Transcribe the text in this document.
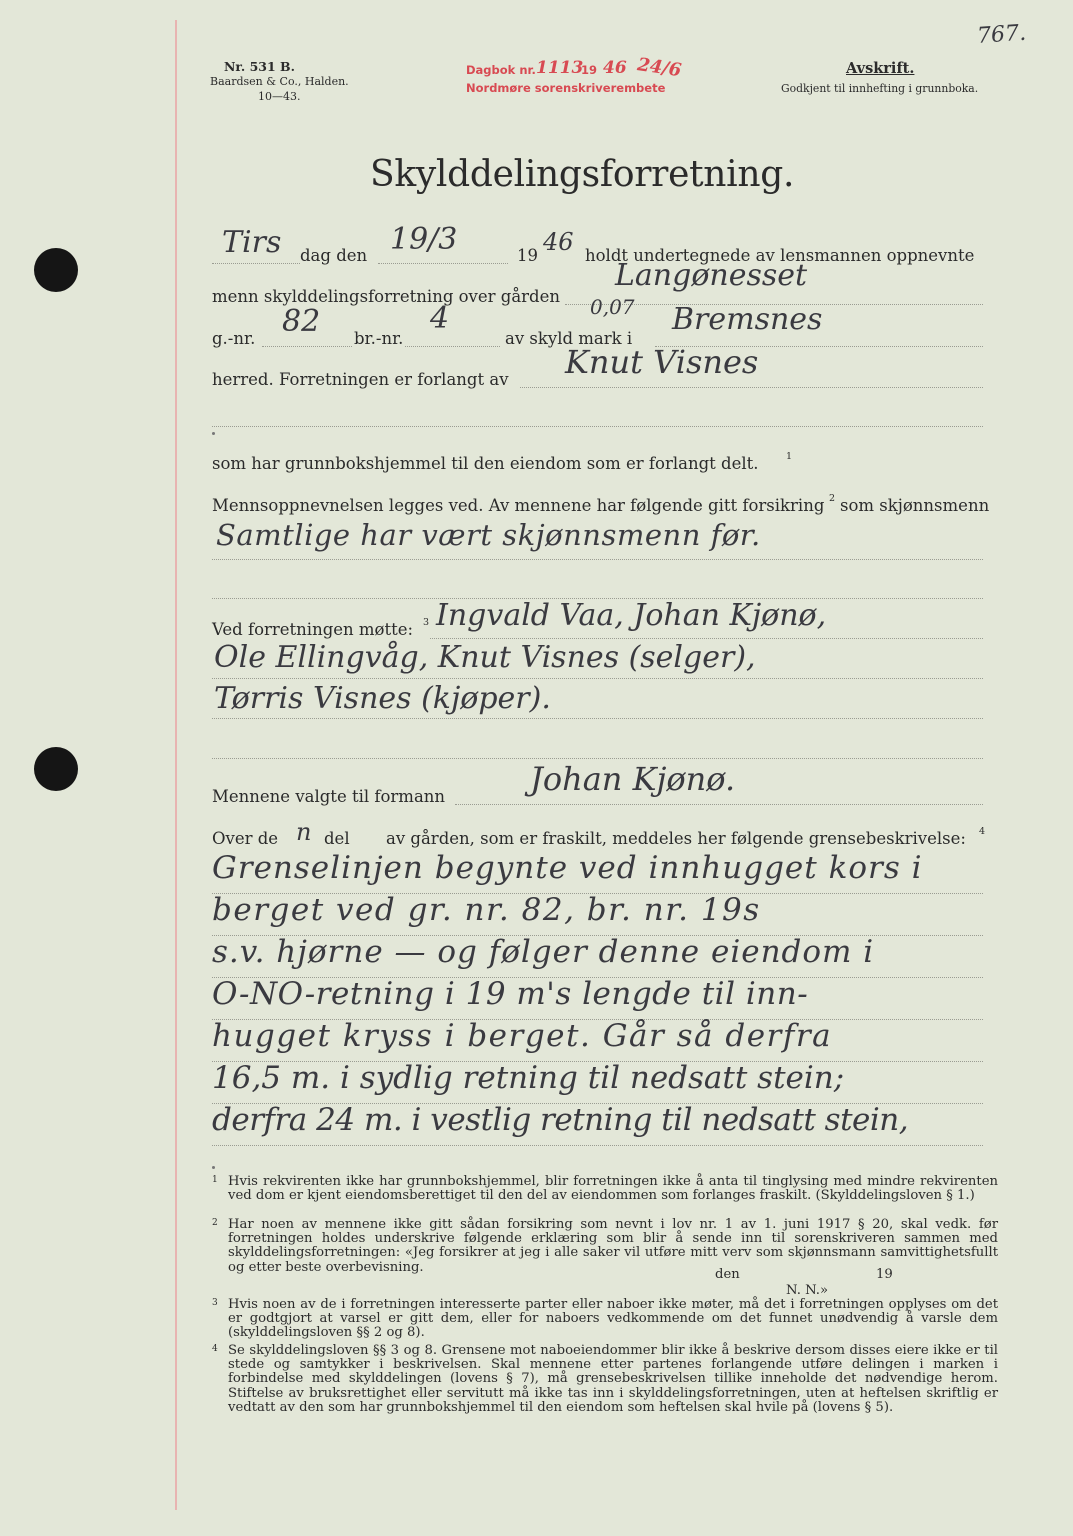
Nr. 531 B.
Baardsen & Co., Halden.
10—43.
Dagbok nr. 1113
19 46 24/6
Nordmøre sorenskriverembete
Avskrift.
Godkjent til innhefting i grunnboka.
767.
Skylddelingsforretning.
Tirs dag den 19/3	19 46 holdt undertegnede av lensmannen oppnevnte
menn skylddelingsforretning over gården
Langønesset
g.-nr. 82 br.-nr.
4
av skyld mark i
0,07 Bremsnes
herred. Forretningen er forlangt av Knut Visnes
som har grunnbokshjemmel til den eiendom som er forlangt delt.	1
Mennsoppnevnelsen legges ved. Av mennene har følgende gitt forsikring 2 som skjønnsmenn
Samtlige har vært skjønnsmenn før.
Ved forretningen møtte: 3 Ingvald Vaa, Johan Kjønø,
Ole Ellingvåg, Knut Visnes (selger),
Tørris Visnes (kjøper).
Mennene valgte til formann	Johan Kjønø.
Over de n del av gården, som er fraskilt, meddeles her følgende grensebeskrivelse: 4
Grenselinjen begynte ved innhugget kors i
berget ved gr. nr. 82, br. nr. 19s
s.v. hjørne — og følger denne eiendom i
O-NO-retning i 19 m's lengde til inn-
hugget kryss i berget. Går så derfra
16,5 m. i sydlig retning til nedsatt stein;
derfra 24 m. i vestlig retning til nedsatt stein,
1 Hvis rekvirenten ikke har grunnbokshjemmel, blir forretningen ikke å anta til tinglysing med mindre rekvirenten ved dom er kjent eiendomsberettiget til den del av eiendommen som forlanges fraskilt. (Skylddelingsloven § 1.)
2 Har noen av mennene ikke gitt sådan forsikring som nevnt i lov nr. 1 av 1. juni 1917 § 20, skal vedk. før forretningen holdes underskrive følgende erklæring som blir å sende inn til sorenskriveren sammen med skylddelingsforretningen: «Jeg forsikrer at jeg i alle saker vil utføre mitt verv som skjønnsmann samvittighetsfullt og etter beste overbevisning.	den	19
N. N.»
3 Hvis noen av de i forretningen interesserte parter eller naboer ikke møter, må det i forretningen opplyses om det er godtgjort at varsel er gitt dem, eller for naboers vedkommende om det funnet unødvendig å varsle dem (skylddelingsloven §§ 2 og 8).
4 Se skylddelingsloven §§ 3 og 8. Grensene mot naboeiendommer blir ikke å beskrive dersom disses eiere ikke er til stede og samtykker i beskrivelsen. Skal mennene etter partenes forlangende utføre delingen i marken i forbindelse med skylddelingen (lovens § 7), må grensebeskrivelsen tillike inneholde det nødvendige herom. Stiftelse av bruksrettighet eller servitutt må ikke tas inn i skylddelingsforretningen, uten at heftelsen skriftlig er vedtatt av den som har grunnbokshjemmel til den eiendom som heftelsen skal hvile på (lovens § 5).
